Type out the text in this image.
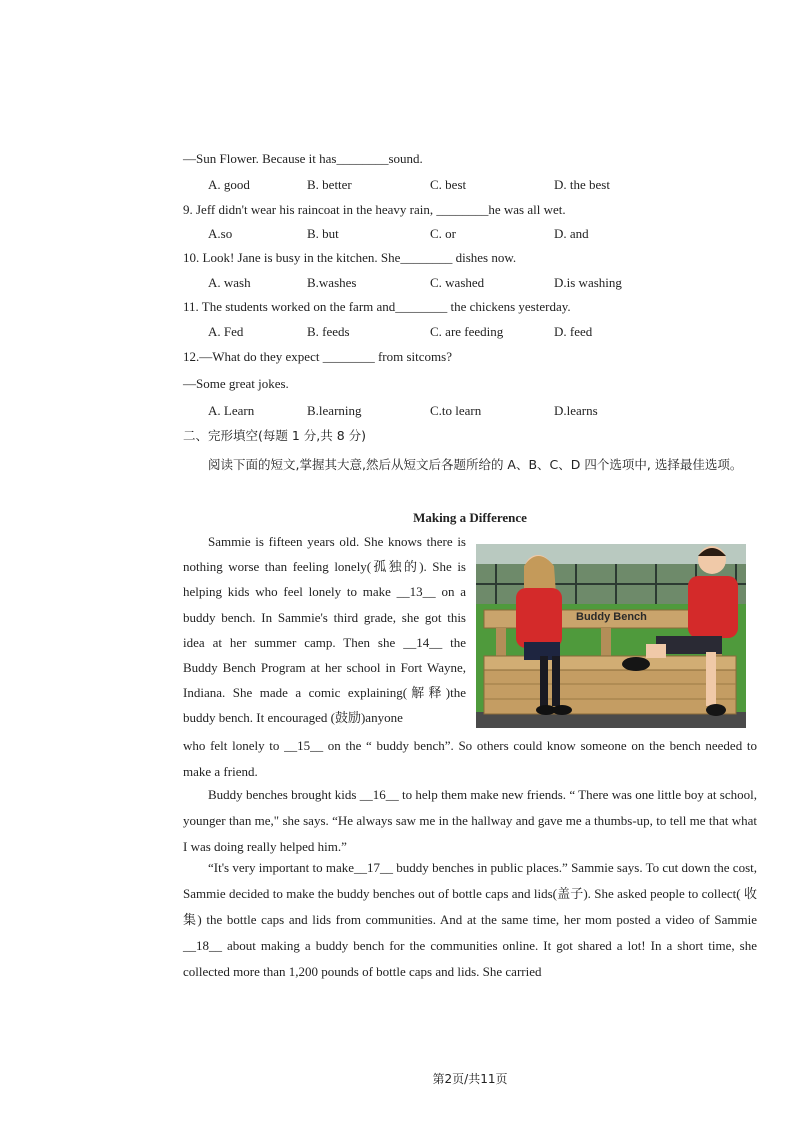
—Sun Flower. Because it has________sound.
A. good	B. better	C. best	D. the best
9. Jeff didn't wear his raincoat in the heavy rain, ________he was all wet.
A.so	B. but	C. or	D. and
10. Look! Jane is busy in the kitchen. She________ dishes now.
A. wash	B.washes	C. washed	D.is washing
11. The students worked on the farm and________ the chickens yesterday.
A. Fed	B. feeds	C. are feeding	D. feed
12.—What do they expect ________ from sitcoms?
—Some great jokes.
A. Learn	B.learning	C.to learn	D.learns
二、完形填空(每题 1 分,共 8 分)
阅读下面的短文,掌握其大意,然后从短文后各题所给的 A、B、C、D 四个选项中, 选择最佳选项。
Making a Difference
Sammie is fifteen years old. She knows there is nothing worse than feeling lonely(孤独的). She is helping kids who feel lonely to make __13__ on a buddy bench. In Sammie's third grade, she got this idea at her summer camp. Then she __14__ the Buddy Bench Program at her school in Fort Wayne, Indiana. She made a comic explaining(解释)the buddy bench. It encouraged (鼓励)anyone
Buddy Bench
who felt lonely to __15__ on the “ buddy bench”. So others could know someone on the bench needed to make a friend.
Buddy benches brought kids __16__ to help them make new friends. “ There was one little boy at school, younger than me," she says. “He always saw me in the hallway and gave me a thumbs-up, to tell me that what I was doing really helped him.”
“It's very important to make__17__ buddy benches in public places.” Sammie says. To cut down the cost, Sammie decided to make the buddy benches out of bottle caps and lids(盖子). She asked people to collect( 收集) the bottle caps and lids from communities. And at the same time, her mom posted a video of Sammie __18__ about making a buddy bench for the communities online. It got shared a lot! In a short time, she collected more than 1,200 pounds of bottle caps and lids. She carried
第2页/共11页
